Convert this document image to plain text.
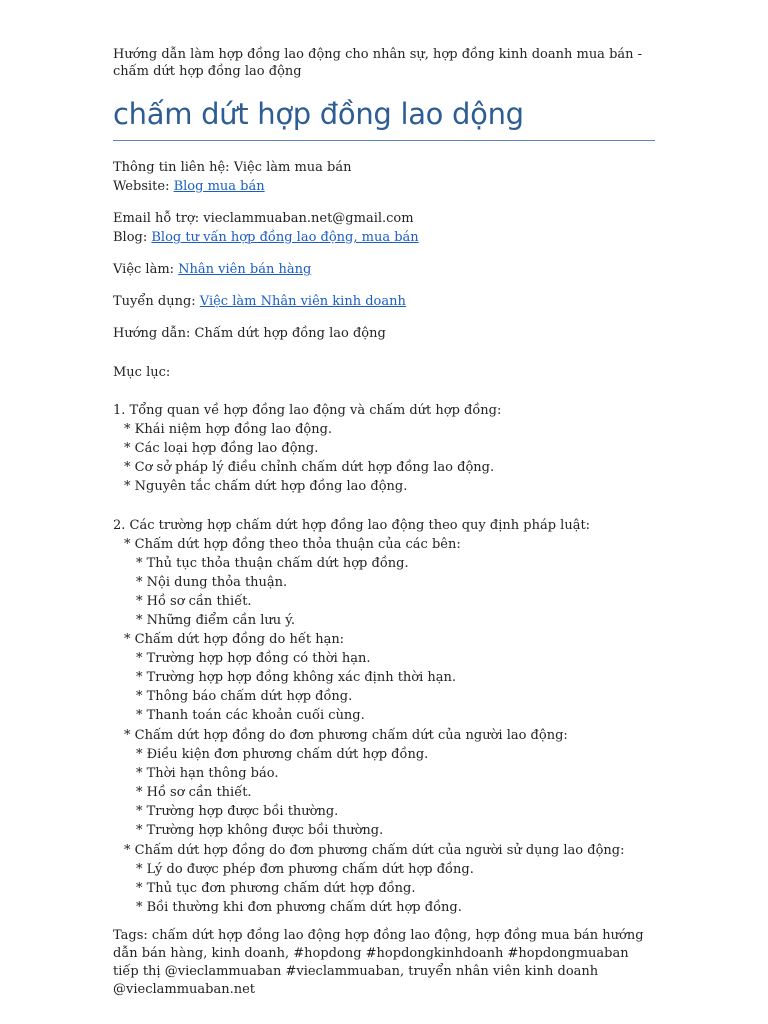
Hướng dẫn làm hợp đồng lao động cho nhân sự, hợp đồng kinh doanh mua bán - chấm dứt hợp đồng lao động
chấm dứt hợp đồng lao dộng
Thông tin liên hệ: Việc làm mua bán
Website: Blog mua bán
Email hỗ trợ: vieclammuaban.net@gmail.com
Blog: Blog tư vấn hợp đồng lao động, mua bán
Việc làm: Nhân viên bán hàng
Tuyển dụng: Việc làm Nhân viên kinh doanh
Hướng dẫn: Chấm dứt hợp đồng lao động
Mục lục:
1. Tổng quan về hợp đồng lao động và chấm dứt hợp đồng:
* Khái niệm hợp đồng lao động.
* Các loại hợp đồng lao động.
* Cơ sở pháp lý điều chỉnh chấm dứt hợp đồng lao động.
* Nguyên tắc chấm dứt hợp đồng lao động.
2. Các trường hợp chấm dứt hợp đồng lao động theo quy định pháp luật:
* Chấm dứt hợp đồng theo thỏa thuận của các bên:
* Thủ tục thỏa thuận chấm dứt hợp đồng.
* Nội dung thỏa thuận.
* Hồ sơ cần thiết.
* Những điểm cần lưu ý.
* Chấm dứt hợp đồng do hết hạn:
* Trường hợp hợp đồng có thời hạn.
* Trường hợp hợp đồng không xác định thời hạn.
* Thông báo chấm dứt hợp đồng.
* Thanh toán các khoản cuối cùng.
* Chấm dứt hợp đồng do đơn phương chấm dứt của người lao động:
* Điều kiện đơn phương chấm dứt hợp đồng.
* Thời hạn thông báo.
* Hồ sơ cần thiết.
* Trường hợp được bồi thường.
* Trường hợp không được bồi thường.
* Chấm dứt hợp đồng do đơn phương chấm dứt của người sử dụng lao động:
* Lý do được phép đơn phương chấm dứt hợp đồng.
* Thủ tục đơn phương chấm dứt hợp đồng.
* Bồi thường khi đơn phương chấm dứt hợp đồng.
Tags: chấm dứt hợp đồng lao động hợp đồng lao động, hợp đồng mua bán hướng dẫn bán hàng, kinh doanh, #hopdong #hopdongkinhdoanh #hopdongmuaban tiếp thị @vieclammuaban #vieclammuaban, truyển nhân viên kinh doanh @vieclammuaban.net
